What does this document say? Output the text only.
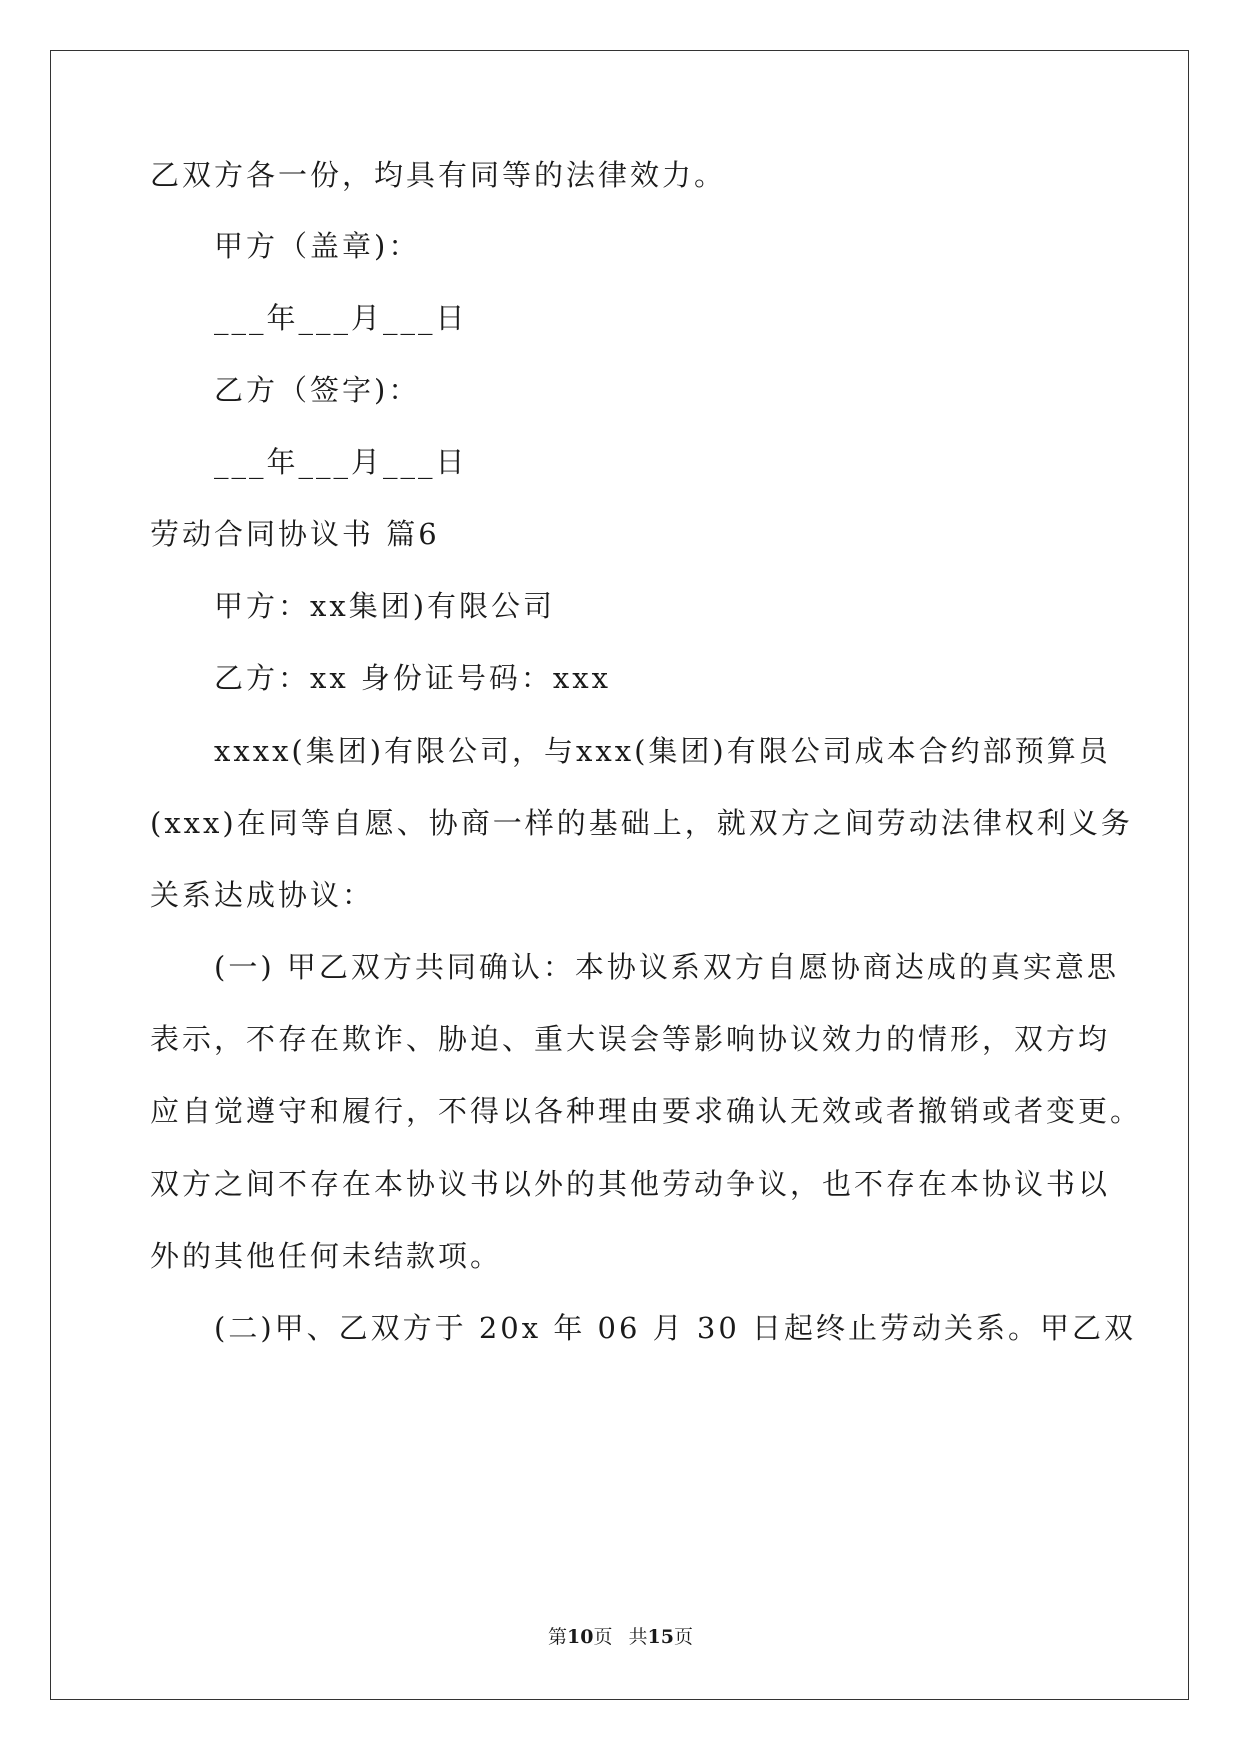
乙双方各一份，均具有同等的法律效力。
甲方（盖章)：
___年___月___日
乙方（签字)：
___年___月___日
劳动合同协议书 篇6
甲方：xx集团)有限公司
乙方：xx 身份证号码：xxx
xxxx(集团)有限公司，与xxx(集团)有限公司成本合约部预算员
(xxx)在同等自愿、协商一样的基础上，就双方之间劳动法律权利义务
关系达成协议：
(一) 甲乙双方共同确认：本协议系双方自愿协商达成的真实意思
表示，不存在欺诈、胁迫、重大误会等影响协议效力的情形，双方均
应自觉遵守和履行，不得以各种理由要求确认无效或者撤销或者变更。
双方之间不存在本协议书以外的其他劳动争议，也不存在本协议书以
外的其他任何未结款项。
(二)甲、乙双方于 20x 年 06 月 30 日起终止劳动关系。甲乙双
第10页 共15页
